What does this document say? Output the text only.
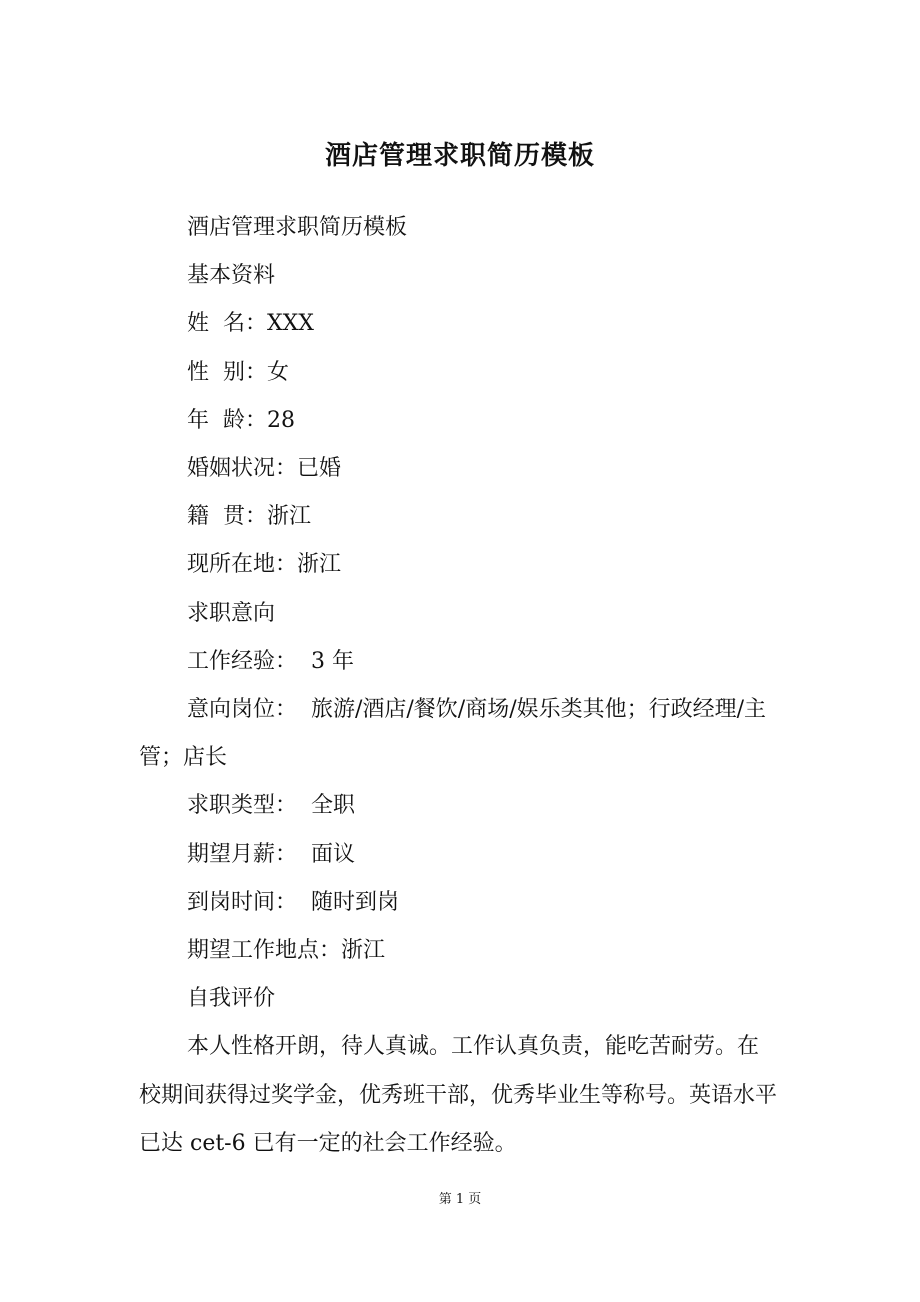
酒店管理求职简历模板
酒店管理求职简历模板
基本资料
姓  名：XXX
性  别：女
年  龄：28
婚姻状况：已婚
籍  贯：浙江
现所在地：浙江
求职意向
工作经验：  3 年
意向岗位：  旅游/酒店/餐饮/商场/娱乐类其他；行政经理/主管；店长
求职类型：  全职
期望月薪：  面议
到岗时间：  随时到岗
期望工作地点：浙江
自我评价
本人性格开朗，待人真诚。工作认真负责，能吃苦耐劳。在校期间获得过奖学金，优秀班干部，优秀毕业生等称号。英语水平已达 cet-6 已有一定的社会工作经验。
第 1 页
